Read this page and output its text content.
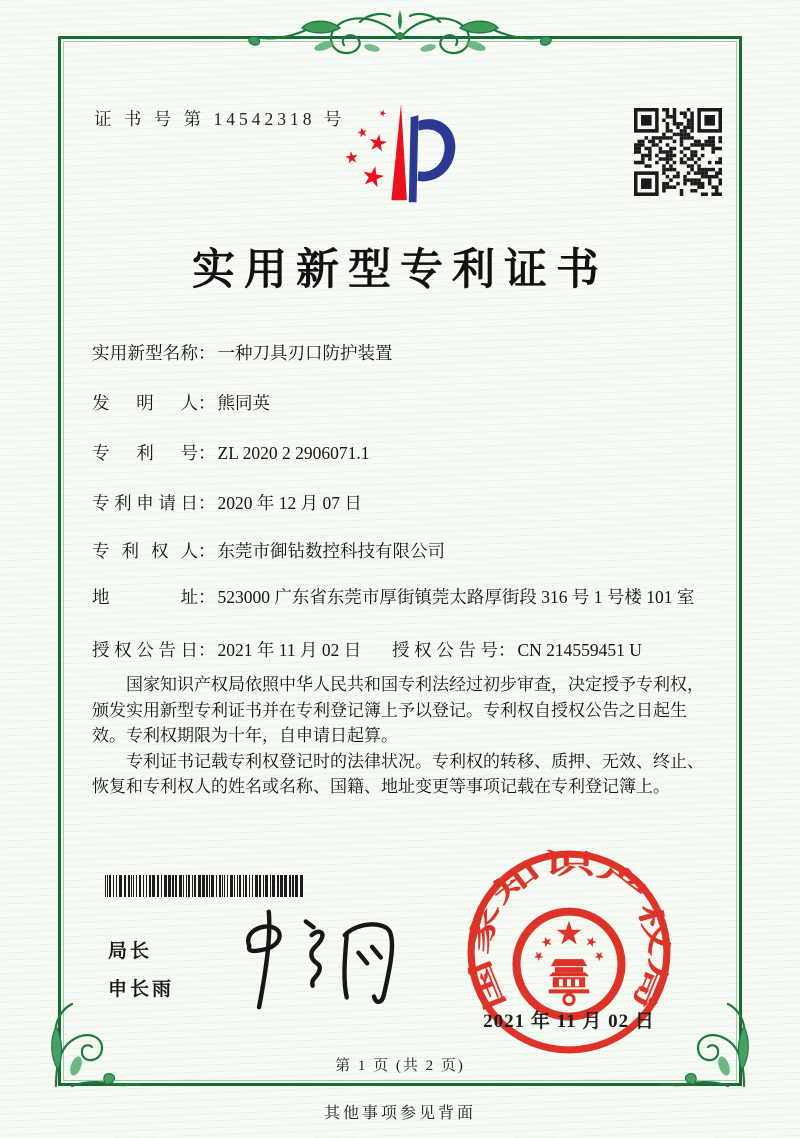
证 书 号 第 14542318 号
实用新型专利证书
实用新型名称 ： 一种刀具刃口防护装置
发明人 ： 熊同英
专利号 ： ZL 2020 2 2906071.1
专利申请日 ： 2020 年 12 月 07 日
专利权人 ： 东莞市御钻数控科技有限公司
地址 ： 523000 广东省东莞市厚街镇莞太路厚街段 316 号 1 号楼 101 室
授权公告日 ： 2021 年 11 月 02 日 授权公告号 ： CN 214559451 U

国家知识产权局依照中华人民共和国专利法经过初步审查，决定授予专利权，颁发实用新型专利证书并在专利登记簿上予以登记。专利权自授权公告之日起生效。专利权期限为十年，自申请日起算。

专利证书记载专利权登记时的法律状况。专利权的转移、质押、无效、终止、恢复和专利权人的姓名或名称、国籍、地址变更等事项记载在专利登记簿上。

局长
申长雨	国家知识产权局
2021 年 11 月 02 日
第 1 页 (共 2 页)
其他事项参见背面
